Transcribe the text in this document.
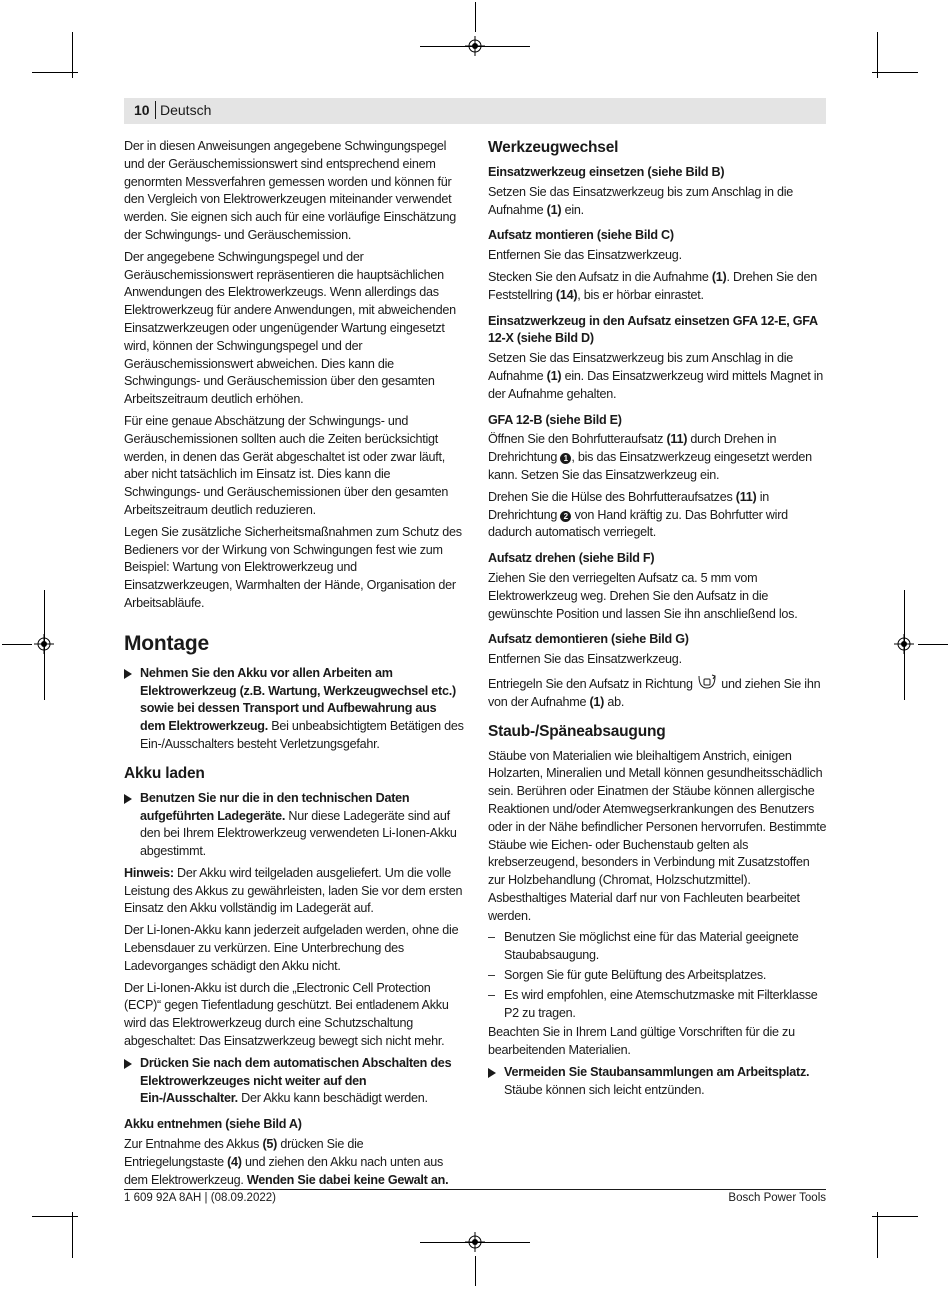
10 Deutsch

Der in diesen Anweisungen angegebene Schwingungspegel und der Geräuschemissionswert sind entsprechend einem genormten Messverfahren gemessen worden und können für den Vergleich von Elektrowerkzeugen miteinander verwendet werden. Sie eignen sich auch für eine vorläufige Einschätzung der Schwingungs- und Geräuschemission.

Der angegebene Schwingungspegel und der Geräuschemissionswert repräsentieren die hauptsächlichen Anwendungen des Elektrowerkzeugs. Wenn allerdings das Elektrowerkzeug für andere Anwendungen, mit abweichenden Einsatzwerkzeugen oder ungenügender Wartung eingesetzt wird, können der Schwingungspegel und der Geräuschemissionswert abweichen. Dies kann die Schwingungs- und Geräuschemission über den gesamten Arbeitszeitraum deutlich erhöhen.

Für eine genaue Abschätzung der Schwingungs- und Geräuschemissionen sollten auch die Zeiten berücksichtigt werden, in denen das Gerät abgeschaltet ist oder zwar läuft, aber nicht tatsächlich im Einsatz ist. Dies kann die Schwingungs- und Geräuschemissionen über den gesamten Arbeitszeitraum deutlich reduzieren.

Legen Sie zusätzliche Sicherheitsmaßnahmen zum Schutz des Bedieners vor der Wirkung von Schwingungen fest wie zum Beispiel: Wartung von Elektrowerkzeug und Einsatzwerkzeugen, Warmhalten der Hände, Organisation der Arbeitsabläufe.

Montage
Nehmen Sie den Akku vor allen Arbeiten am Elektrowerkzeug (z.B. Wartung, Werkzeugwechsel etc.) sowie bei dessen Transport und Aufbewahrung aus dem Elektrowerkzeug. Bei unbeabsichtigtem Betätigen des Ein-/Ausschalters besteht Verletzungsgefahr.
Akku laden
Benutzen Sie nur die in den technischen Daten aufgeführten Ladegeräte. Nur diese Ladegeräte sind auf den bei Ihrem Elektrowerkzeug verwendeten Li-Ionen-Akku abgestimmt.

Hinweis: Der Akku wird teilgeladen ausgeliefert. Um die volle Leistung des Akkus zu gewährleisten, laden Sie vor dem ersten Einsatz den Akku vollständig im Ladegerät auf.

Der Li-Ionen-Akku kann jederzeit aufgeladen werden, ohne die Lebensdauer zu verkürzen. Eine Unterbrechung des Ladevorganges schädigt den Akku nicht.

Der Li-Ionen-Akku ist durch die „Electronic Cell Protection (ECP)“ gegen Tiefentladung geschützt. Bei entladenem Akku wird das Elektrowerkzeug durch eine Schutzschaltung abgeschaltet: Das Einsatzwerkzeug bewegt sich nicht mehr.

Drücken Sie nach dem automatischen Abschalten des Elektrowerkzeuges nicht weiter auf den Ein-/Ausschalter. Der Akku kann beschädigt werden.
Akku entnehmen (siehe Bild A)

Zur Entnahme des Akkus (5) drücken Sie die Entriegelungstaste (4) und ziehen den Akku nach unten aus dem Elektrowerkzeug. Wenden Sie dabei keine Gewalt an.

Werkzeugwechsel
Einsatzwerkzeug einsetzen (siehe Bild B)

Setzen Sie das Einsatzwerkzeug bis zum Anschlag in die Aufnahme (1) ein.

Aufsatz montieren (siehe Bild C)

Entfernen Sie das Einsatzwerkzeug.

Stecken Sie den Aufsatz in die Aufnahme (1). Drehen Sie den Feststellring (14), bis er hörbar einrastet.

Einsatzwerkzeug in den Aufsatz einsetzen GFA 12-E, GFA 12-X (siehe Bild D)

Setzen Sie das Einsatzwerkzeug bis zum Anschlag in die Aufnahme (1) ein. Das Einsatzwerkzeug wird mittels Magnet in der Aufnahme gehalten.

GFA 12-B (siehe Bild E)

Öffnen Sie den Bohrfutteraufsatz (11) durch Drehen in Drehrichtung 1 , bis das Einsatzwerkzeug eingesetzt werden kann. Setzen Sie das Einsatzwerkzeug ein.

Drehen Sie die Hülse des Bohrfutteraufsatzes (11) in Drehrichtung 2 von Hand kräftig zu. Das Bohrfutter wird dadurch automatisch verriegelt.

Aufsatz drehen (siehe Bild F)

Ziehen Sie den verriegelten Aufsatz ca. 5 mm vom Elektrowerkzeug weg. Drehen Sie den Aufsatz in die gewünschte Position und lassen Sie ihn anschließend los.

Aufsatz demontieren (siehe Bild G)

Entfernen Sie das Einsatzwerkzeug.

Entriegeln Sie den Aufsatz in Richtung  und ziehen Sie ihn von der Aufnahme (1) ab.

Staub-/Späneabsaugung

Stäube von Materialien wie bleihaltigem Anstrich, einigen Holzarten, Mineralien und Metall können gesundheitsschädlich sein. Berühren oder Einatmen der Stäube können allergische Reaktionen und/oder Atemwegserkrankungen des Benutzers oder in der Nähe befindlicher Personen hervorrufen. Bestimmte Stäube wie Eichen- oder Buchenstaub gelten als krebserzeugend, besonders in Verbindung mit Zusatzstoffen zur Holzbehandlung (Chromat, Holzschutzmittel). Asbesthaltiges Material darf nur von Fachleuten bearbeitet werden.

– Benutzen Sie möglichst eine für das Material geeignete Staubabsaugung.
– Sorgen Sie für gute Belüftung des Arbeitsplatzes.
– Es wird empfohlen, eine Atemschutzmaske mit Filterklasse P2 zu tragen.

Beachten Sie in Ihrem Land gültige Vorschriften für die zu bearbeitenden Materialien.

Vermeiden Sie Staubansammlungen am Arbeitsplatz. Stäube können sich leicht entzünden.
1 609 92A 8AH | (08.09.2022)	Bosch Power Tools
